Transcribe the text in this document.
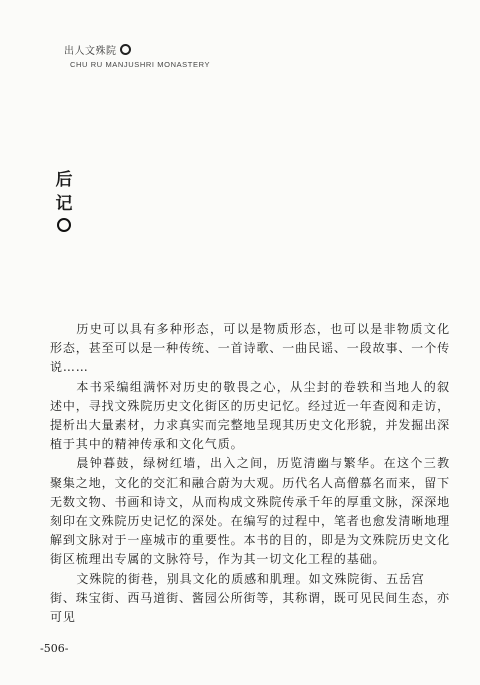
出人文殊院
CHU RU MANJUSHRI MONASTERY
后
记

历史可以具有多种形态，可以是物质形态，也可以是非物质文化形态，甚至可以是一种传统、一首诗歌、一曲民谣、一段故事、一个传说……

本书采编组满怀对历史的敬畏之心，从尘封的卷轶和当地人的叙述中，寻找文殊院历史文化街区的历史记忆。经过近一年查阅和走访，提析出大量素材，力求真实而完整地呈现其历史文化形貌，并发掘出深植于其中的精神传承和文化气质。

晨钟暮鼓，绿树红墙，出入之间，历览清幽与繁华。在这个三教聚集之地，文化的交汇和融合蔚为大观。历代名人高僧慕名而来，留下无数文物、书画和诗文，从而构成文殊院传承千年的厚重文脉，深深地刻印在文殊院历史记忆的深处。在编写的过程中，笔者也愈发清晰地理解到文脉对于一座城市的重要性。本书的目的，即是为文殊院历史文化街区梳理出专属的文脉符号，作为其一切文化工程的基础。

文殊院的街巷，别具文化的质感和肌理。如文殊院街、五岳宫街、珠宝街、西马道街、酱园公所街等，其称谓，既可见民间生态，亦可见

-506-
